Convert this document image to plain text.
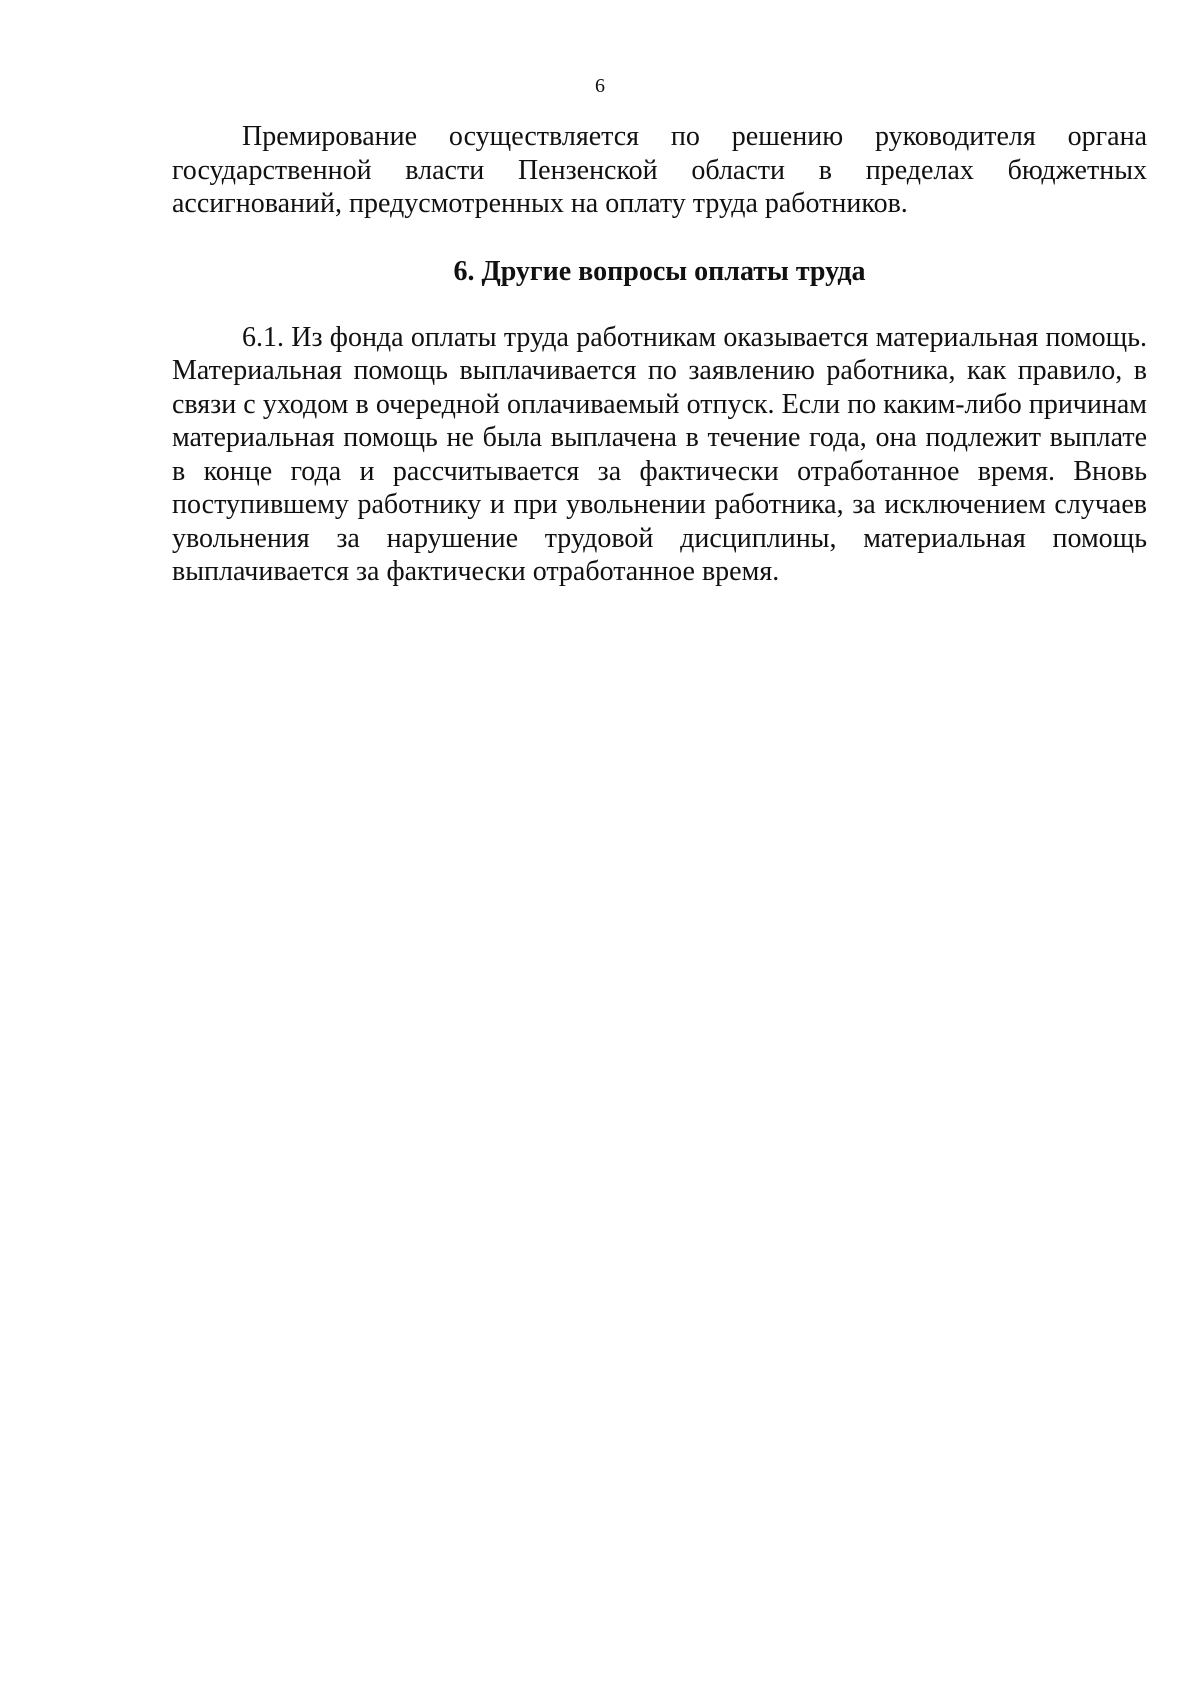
6

Премирование осуществляется по решению руководителя органа государственной власти Пензенской области в пределах бюджетных ассигнований, предусмотренных на оплату труда работников.

6. Другие вопросы оплаты труда

6.1. Из фонда оплаты труда работникам оказывается материальная помощь. Материальная помощь выплачивается по заявлению работника, как правило, в связи с уходом в очередной оплачиваемый отпуск. Если по каким-либо причинам материальная помощь не была выплачена в течение года, она подлежит выплате в конце года и рассчитывается за фактически отработанное время. Вновь поступившему работнику и при увольнении работника, за исключением случаев увольнения за нарушение трудовой дисциплины, материальная помощь выплачивается за фактически отработанное время.
